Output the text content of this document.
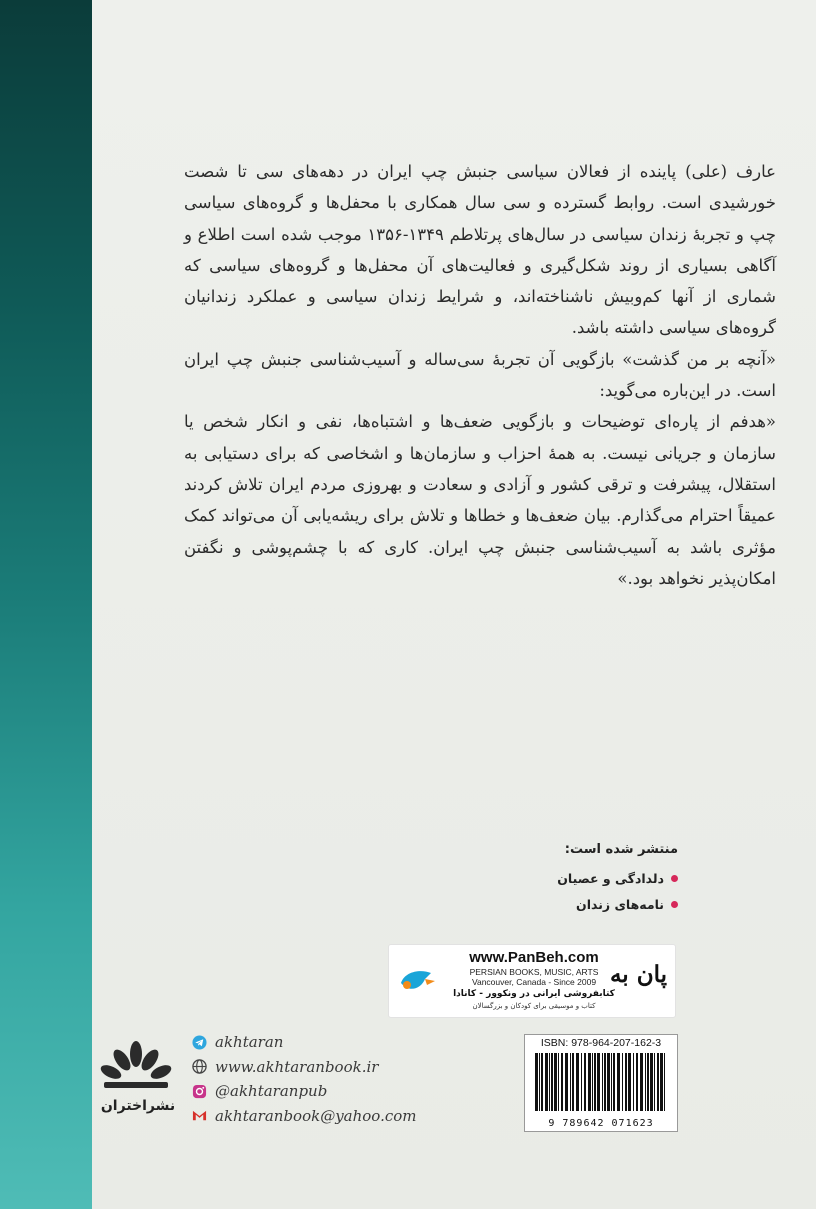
عارف (علی) پاینده از فعالان سیاسی جنبش چپ ایران در دهه‌های سی تا شصت خورشیدی است. روابط گسترده و سی سال همکاری با محفل‌ها و گروه‌های سیاسی چپ و تجربهٔ زندان سیاسی در سال‌های پرتلاطم ۱۳۴۹-۱۳۵۶ موجب شده است اطلاع و آگاهی بسیاری از روند شکل‌گیری و فعالیت‌های آن محفل‌ها و گروه‌های سیاسی که شماری از آنها کم‌وبیش ناشناخته‌اند، و شرایط زندان سیاسی و عملکرد زندانیان گروه‌های سیاسی داشته باشد.

«آنچه بر من گذشت» بازگویی آن تجربهٔ سی‌ساله و آسیب‌شناسی جنبش چپ ایران است. در این‌باره می‌گوید:

«هدفم از پاره‌ای توضیحات و بازگویی ضعف‌ها و اشتباه‌ها، نفی و انکار شخص یا سازمان و جریانی نیست. به همهٔ احزاب و سازمان‌ها و اشخاصی که برای دستیابی به استقلال، پیشرفت و ترقی کشور و آزادی و سعادت و بهروزی مردم ایران تلاش کردند عمیقاً احترام می‌گذارم. بیان ضعف‌ها و خطاها و تلاش برای ریشه‌یابی آن می‌تواند کمک مؤثری باشد به آسیب‌شناسی جنبش چپ ایران. کاری که با چشم‌پوشی و نگفتن امکان‌پذیر نخواهد بود.»

منتشر شده است:
دلدادگی و عصیان
نامه‌های زندان
www.PanBeh.com
PERSIAN BOOKS, MUSIC, ARTS
Vancouver, Canada - Since 2009
کتابفروشی ایرانی در ونکوور - کانادا
کتاب و موسیقی برای کودکان و بزرگسالان
پان به
ISBN: 978-964-207-162-3
9 789642 071623
akhtaran
www.akhtaranbook.ir
@akhtaranpub
akhtaranbook@yahoo.com
نشراختران
